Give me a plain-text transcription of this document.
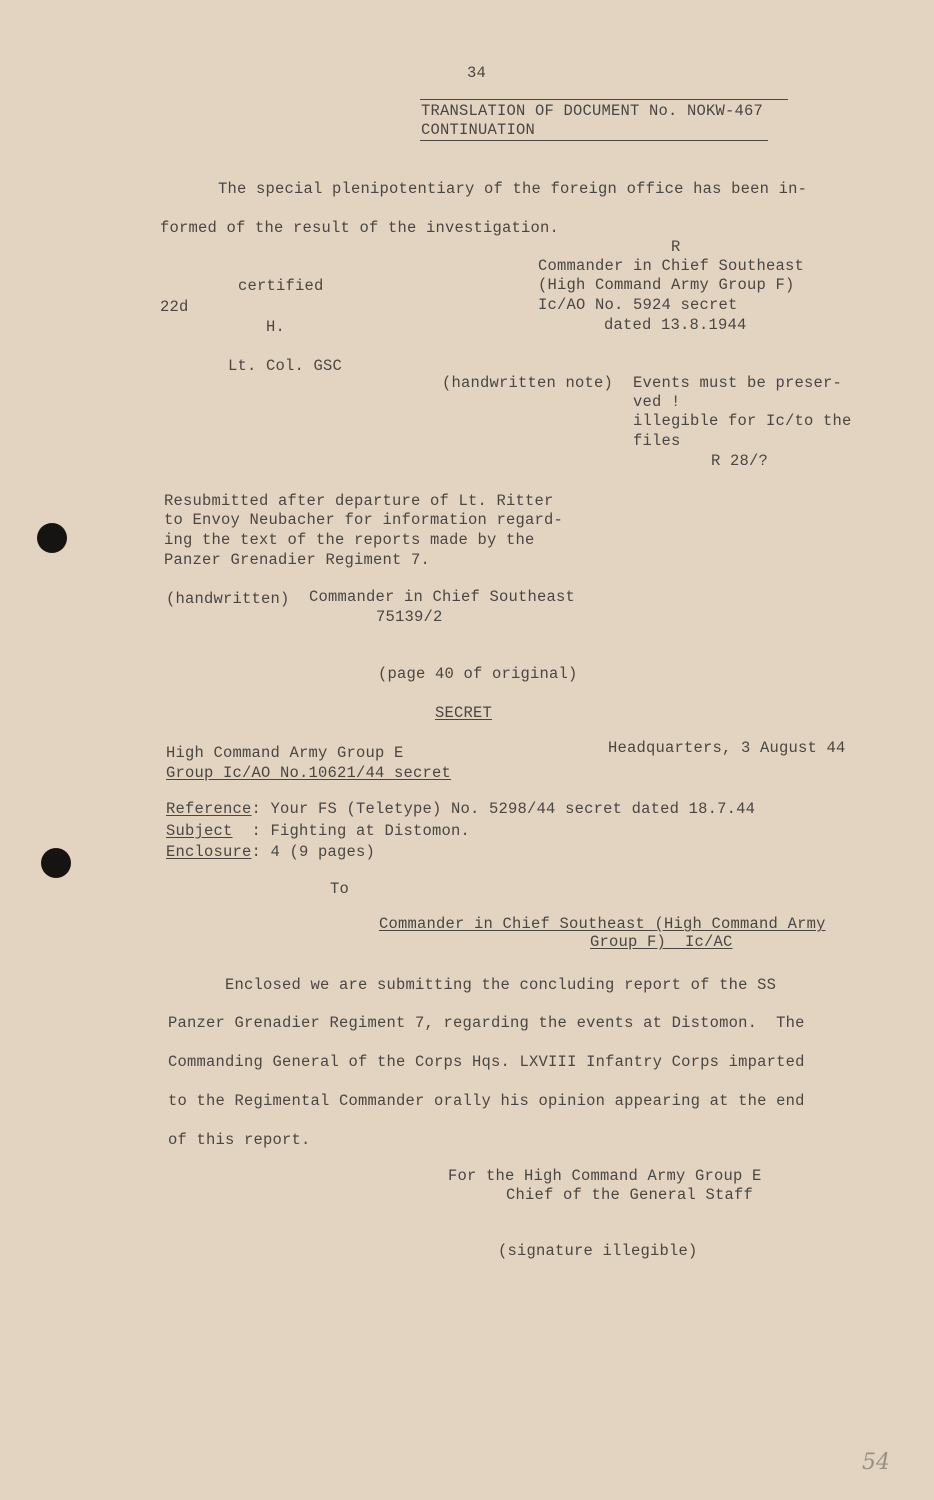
34
TRANSLATION OF DOCUMENT No. NOKW-467
CONTINUATION
The special plenipotentiary of the foreign office has been in-
formed of the result of the investigation.
R
Commander in Chief Southeast
(High Command Army Group F)
Ic/AO No. 5924 secret
dated 13.8.1944
certified
22d
H.
Lt. Col. GSC
(handwritten note) Events must be preser-
ved !
illegible for Ic/to the
files
R 28/?
Resubmitted after departure of Lt. Ritter
to Envoy Neubacher for information regard-
ing the text of the reports made by the
Panzer Grenadier Regiment 7.
(handwritten) Commander in Chief Southeast
75139/2
(page 40 of original)
SECRET
High Command Army Group E
Group Ic/AO No.10621/44 secret
Headquarters, 3 August 44
Reference: Your FS (Teletype) No. 5298/44 secret dated 18.7.44
Subject  : Fighting at Distomon.
Enclosure: 4 (9 pages)
To
Commander in Chief Southeast (High Command Army
Group F)  Ic/AC
Enclosed we are submitting the concluding report of the SS
Panzer Grenadier Regiment 7, regarding the events at Distomon.  The
Commanding General of the Corps Hqs. LXVIII Infantry Corps imparted
to the Regimental Commander orally his opinion appearing at the end
of this report.
For the High Command Army Group E
Chief of the General Staff
(signature illegible)
54
